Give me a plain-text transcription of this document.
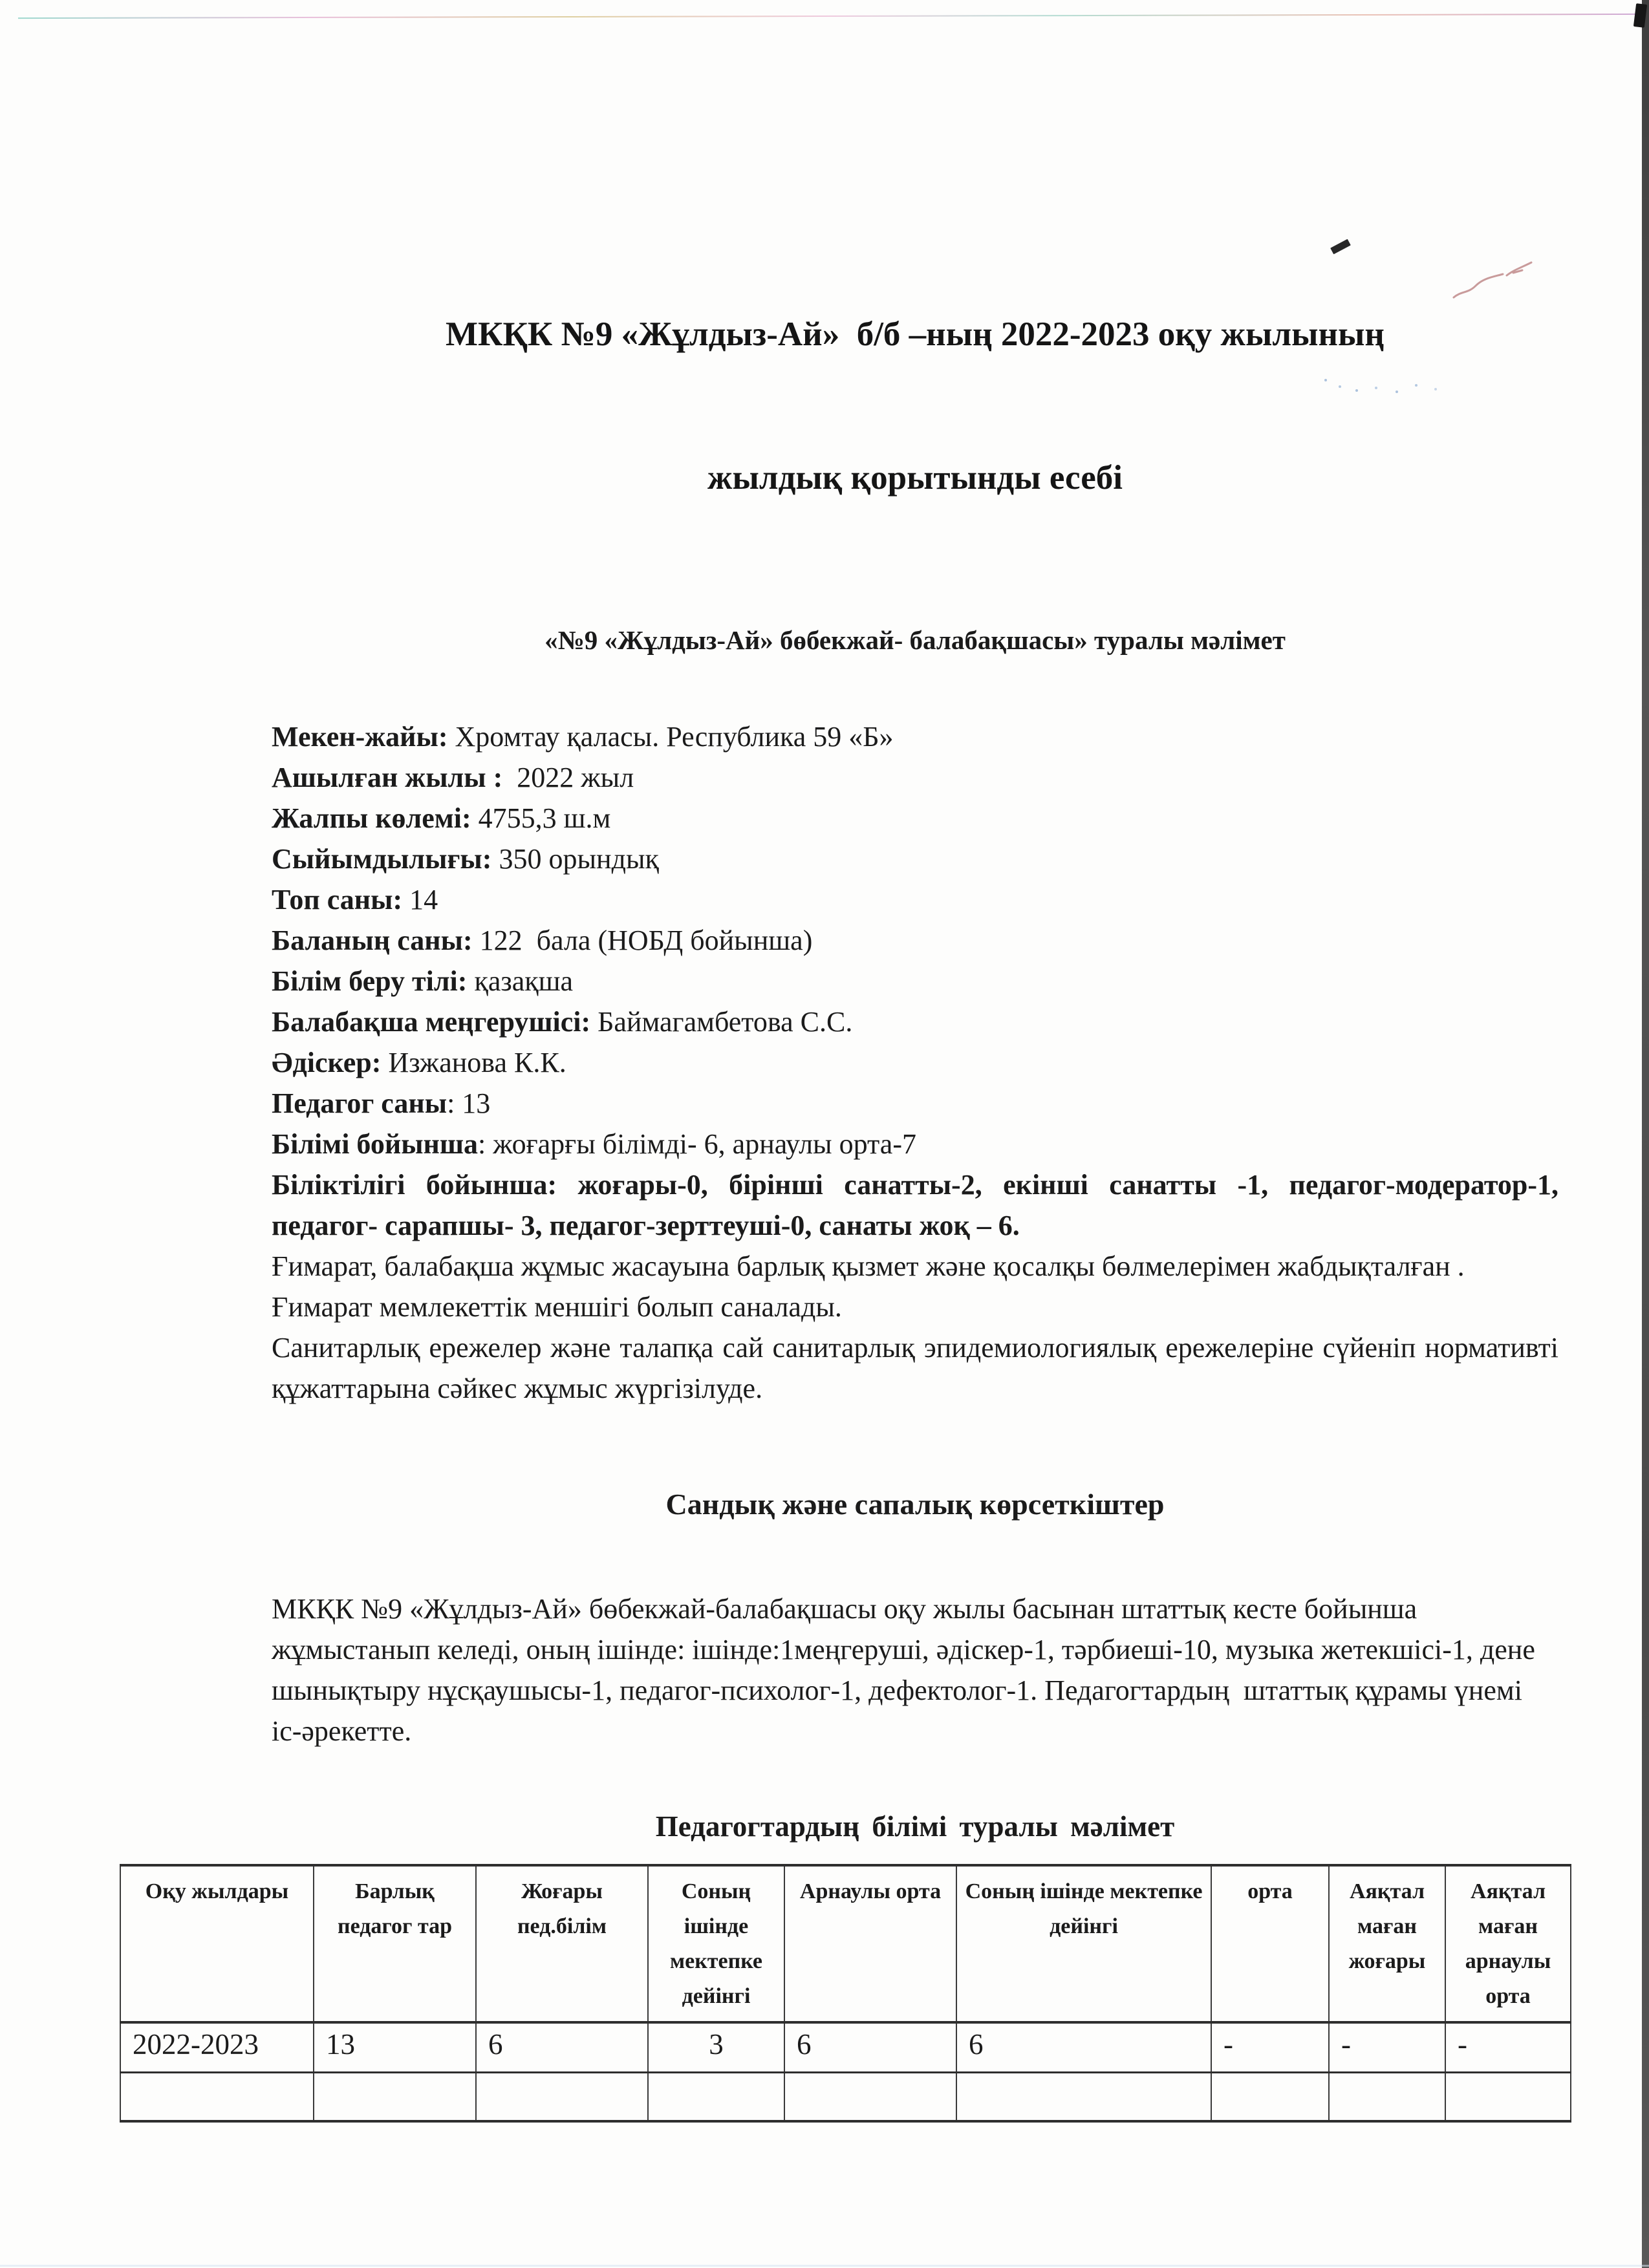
МКҚК №9 «Жұлдыз-Ай»  б/б –ның 2022-2023 оқу жылының

жылдық қорытынды есебі

«№9 «Жұлдыз-Ай» бөбекжай- балабақшасы» туралы мәлімет
Мекен-жайы: Хромтау қаласы. Республика 59 «Б»
Ашылған жылы :  2022 жыл
Жалпы көлемі: 4755,3 ш.м
Сыйымдылығы: 350 орындық
Топ саны: 14
Баланың саны: 122  бала (НОБД бойынша)
Білім беру тілі: қазақша
Балабақша меңгерушісі: Баймагамбетова С.С.
Әдіскер: Изжанова К.К.
Педагог саны: 13
Білімі бойынша: жоғарғы білімді- 6, арнаулы орта-7

Біліктілігі бойынша: жоғары-0, бірінші санатты-2, екінші санатты -1, педагог-модератор-1, педагог- сарапшы- 3, педагог-зерттеуші-0, санаты жоқ – 6.

Ғимарат, балабақша жұмыс жасауына барлық қызмет және қосалқы бөлмелерімен жабдықталған .

Ғимарат мемлекеттік меншігі болып саналады.

Санитарлық ережелер және талапқа сай санитарлық эпидемиологиялық ережелеріне сүйеніп нормативті құжаттарына сәйкес жұмыс жүргізілуде.

Сандық және сапалық көрсеткіштер

МКҚК №9 «Жұлдыз-Ай» бөбекжай-балабақшасы оқу жылы басынан штаттық кесте бойынша жұмыстанып келеді, оның ішінде: ішінде:1меңгеруші, әдіскер-1, тәрбиеші-10, музыка жетекшісі-1, дене шынықтыру нұсқаушысы-1, педагог-психолог-1, дефектолог-1. Педагогтардың  штаттық құрамы үнемі іс-әрекетте.

Педагогтардың білімі туралы мәлімет
Оқу жылдары	Барлық педагог тар	Жоғары пед.білім	Соның ішінде мектепке дейінгі	Арнаулы орта	Соның ішінде мектепке дейінгі	орта	Аяқтал маған жоғары	Аяқтал маған арнаулы орта
2022-2023	13	6	3	6	6	-	-	-
